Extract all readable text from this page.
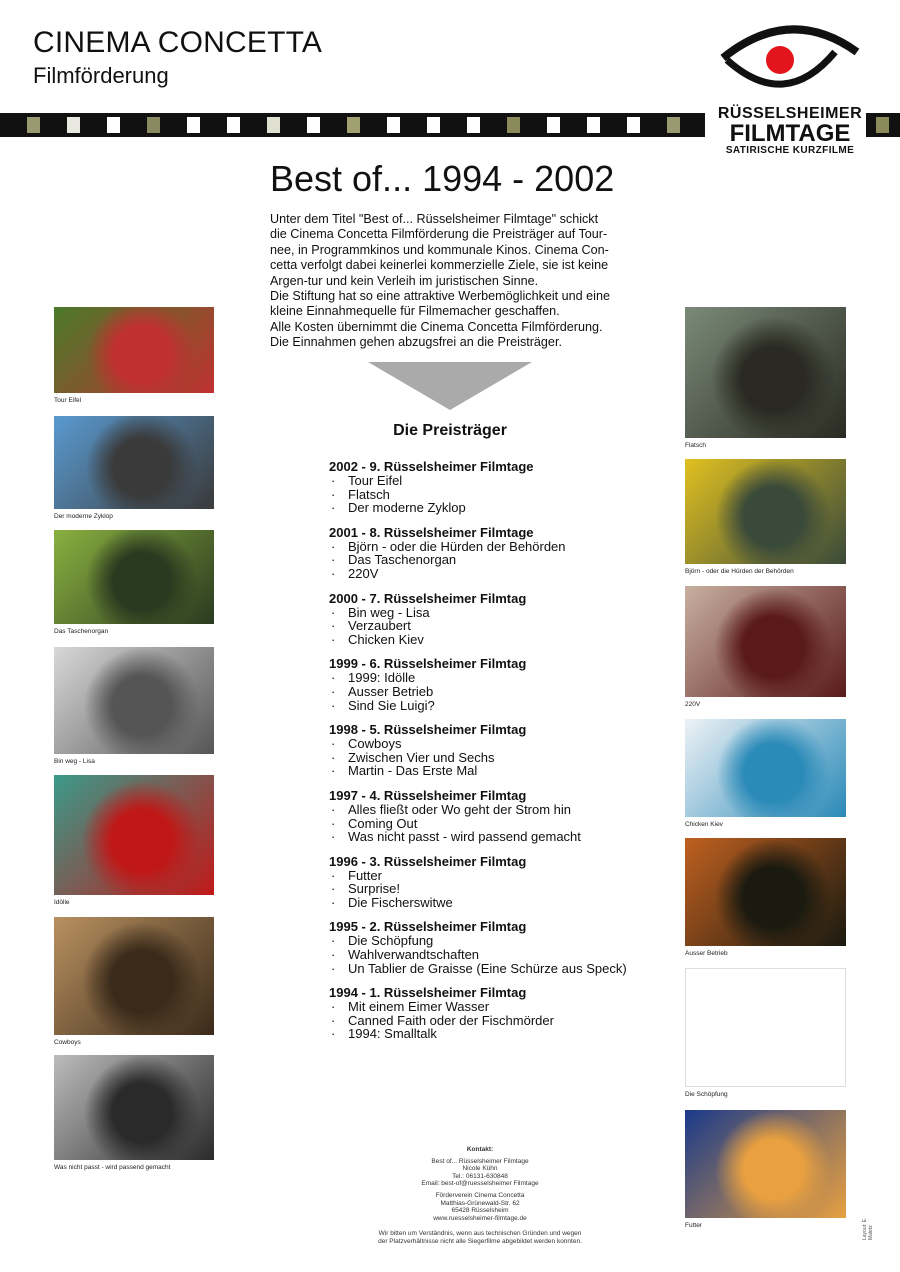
CINEMA CONCETTA
Filmförderung
RÜSSELSHEIMER
FILMTAGE
SATIRISCHE KURZFILME
Best of... 1994 - 2002
Unter dem Titel "Best of... Rüsselsheimer Filmtage" schickt
die Cinema Concetta Filmförderung die Preisträger auf Tour-
nee, in Programmkinos und kommunale Kinos. Cinema Con-
cetta verfolgt dabei keinerlei kommerzielle Ziele, sie ist keine
Argen-tur und kein Verleih im juristischen Sinne.
Die Stiftung hat so eine attraktive Werbemöglichkeit und eine
kleine Einnahmequelle für Filmemacher geschaffen.
Alle Kosten übernimmt die Cinema Concetta Filmförderung.
Die Einnahmen gehen abzugsfrei an die Preisträger.
Die Preisträger
2002 - 9. Rüsselsheimer Filmtage
· Tour Eifel
· Flatsch
· Der moderne Zyklop
2001 - 8. Rüsselsheimer Filmtage
· Björn - oder die Hürden der Behörden
· Das Taschenorgan
· 220V
2000 - 7. Rüsselsheimer Filmtag
· Bin weg - Lisa
· Verzaubert
· Chicken Kiev
1999 - 6. Rüsselsheimer Filmtag
· 1999: Idölle
· Ausser Betrieb
· Sind Sie Luigi?
1998 - 5. Rüsselsheimer Filmtag
· Cowboys
· Zwischen Vier und Sechs
· Martin - Das Erste Mal
1997 - 4. Rüsselsheimer Filmtag
· Alles fließt oder Wo geht der Strom hin
· Coming Out
· Was nicht passt - wird passend gemacht
1996 - 3. Rüsselsheimer Filmtag
· Futter
· Surprise!
· Die Fischerswitwe
1995 - 2. Rüsselsheimer Filmtag
· Die Schöpfung
· Wahlverwandtschaften
· Un Tablier de Graisse (Eine Schürze aus Speck)
1994 - 1. Rüsselsheimer Filmtag
· Mit einem Eimer Wasser
· Canned Faith oder der Fischmörder
· 1994: Smalltalk
Tour Eifel
Der moderne Zyklop
Das Taschenorgan
Bin weg - Lisa
Idölle
Cowboys
Was nicht passt - wird passend gemacht
Flatsch
Björn - oder die Hürden der Behörden
220V
Chicken Kiev
Ausser Betrieb
Die Schöpfung
Futter
Kontakt:
Best of... Rüsselsheimer Filmtage
Nicole Kühn
Tel.: 06131-630848
Email: best-of@ruesselsheimer Filmtage
Förderverein Cinema Concetta
Matthias-Grünewald-Str. 62
65428 Rüsselsheim
www.ruesselsheimer-filmtage.de
Wir bitten um Verständnis, wenn aus technischen Gründen und wegen
der Platzverhältnisse nicht alle Siegerfilme abgebildet werden konnten.
Layout: E. Maletz
